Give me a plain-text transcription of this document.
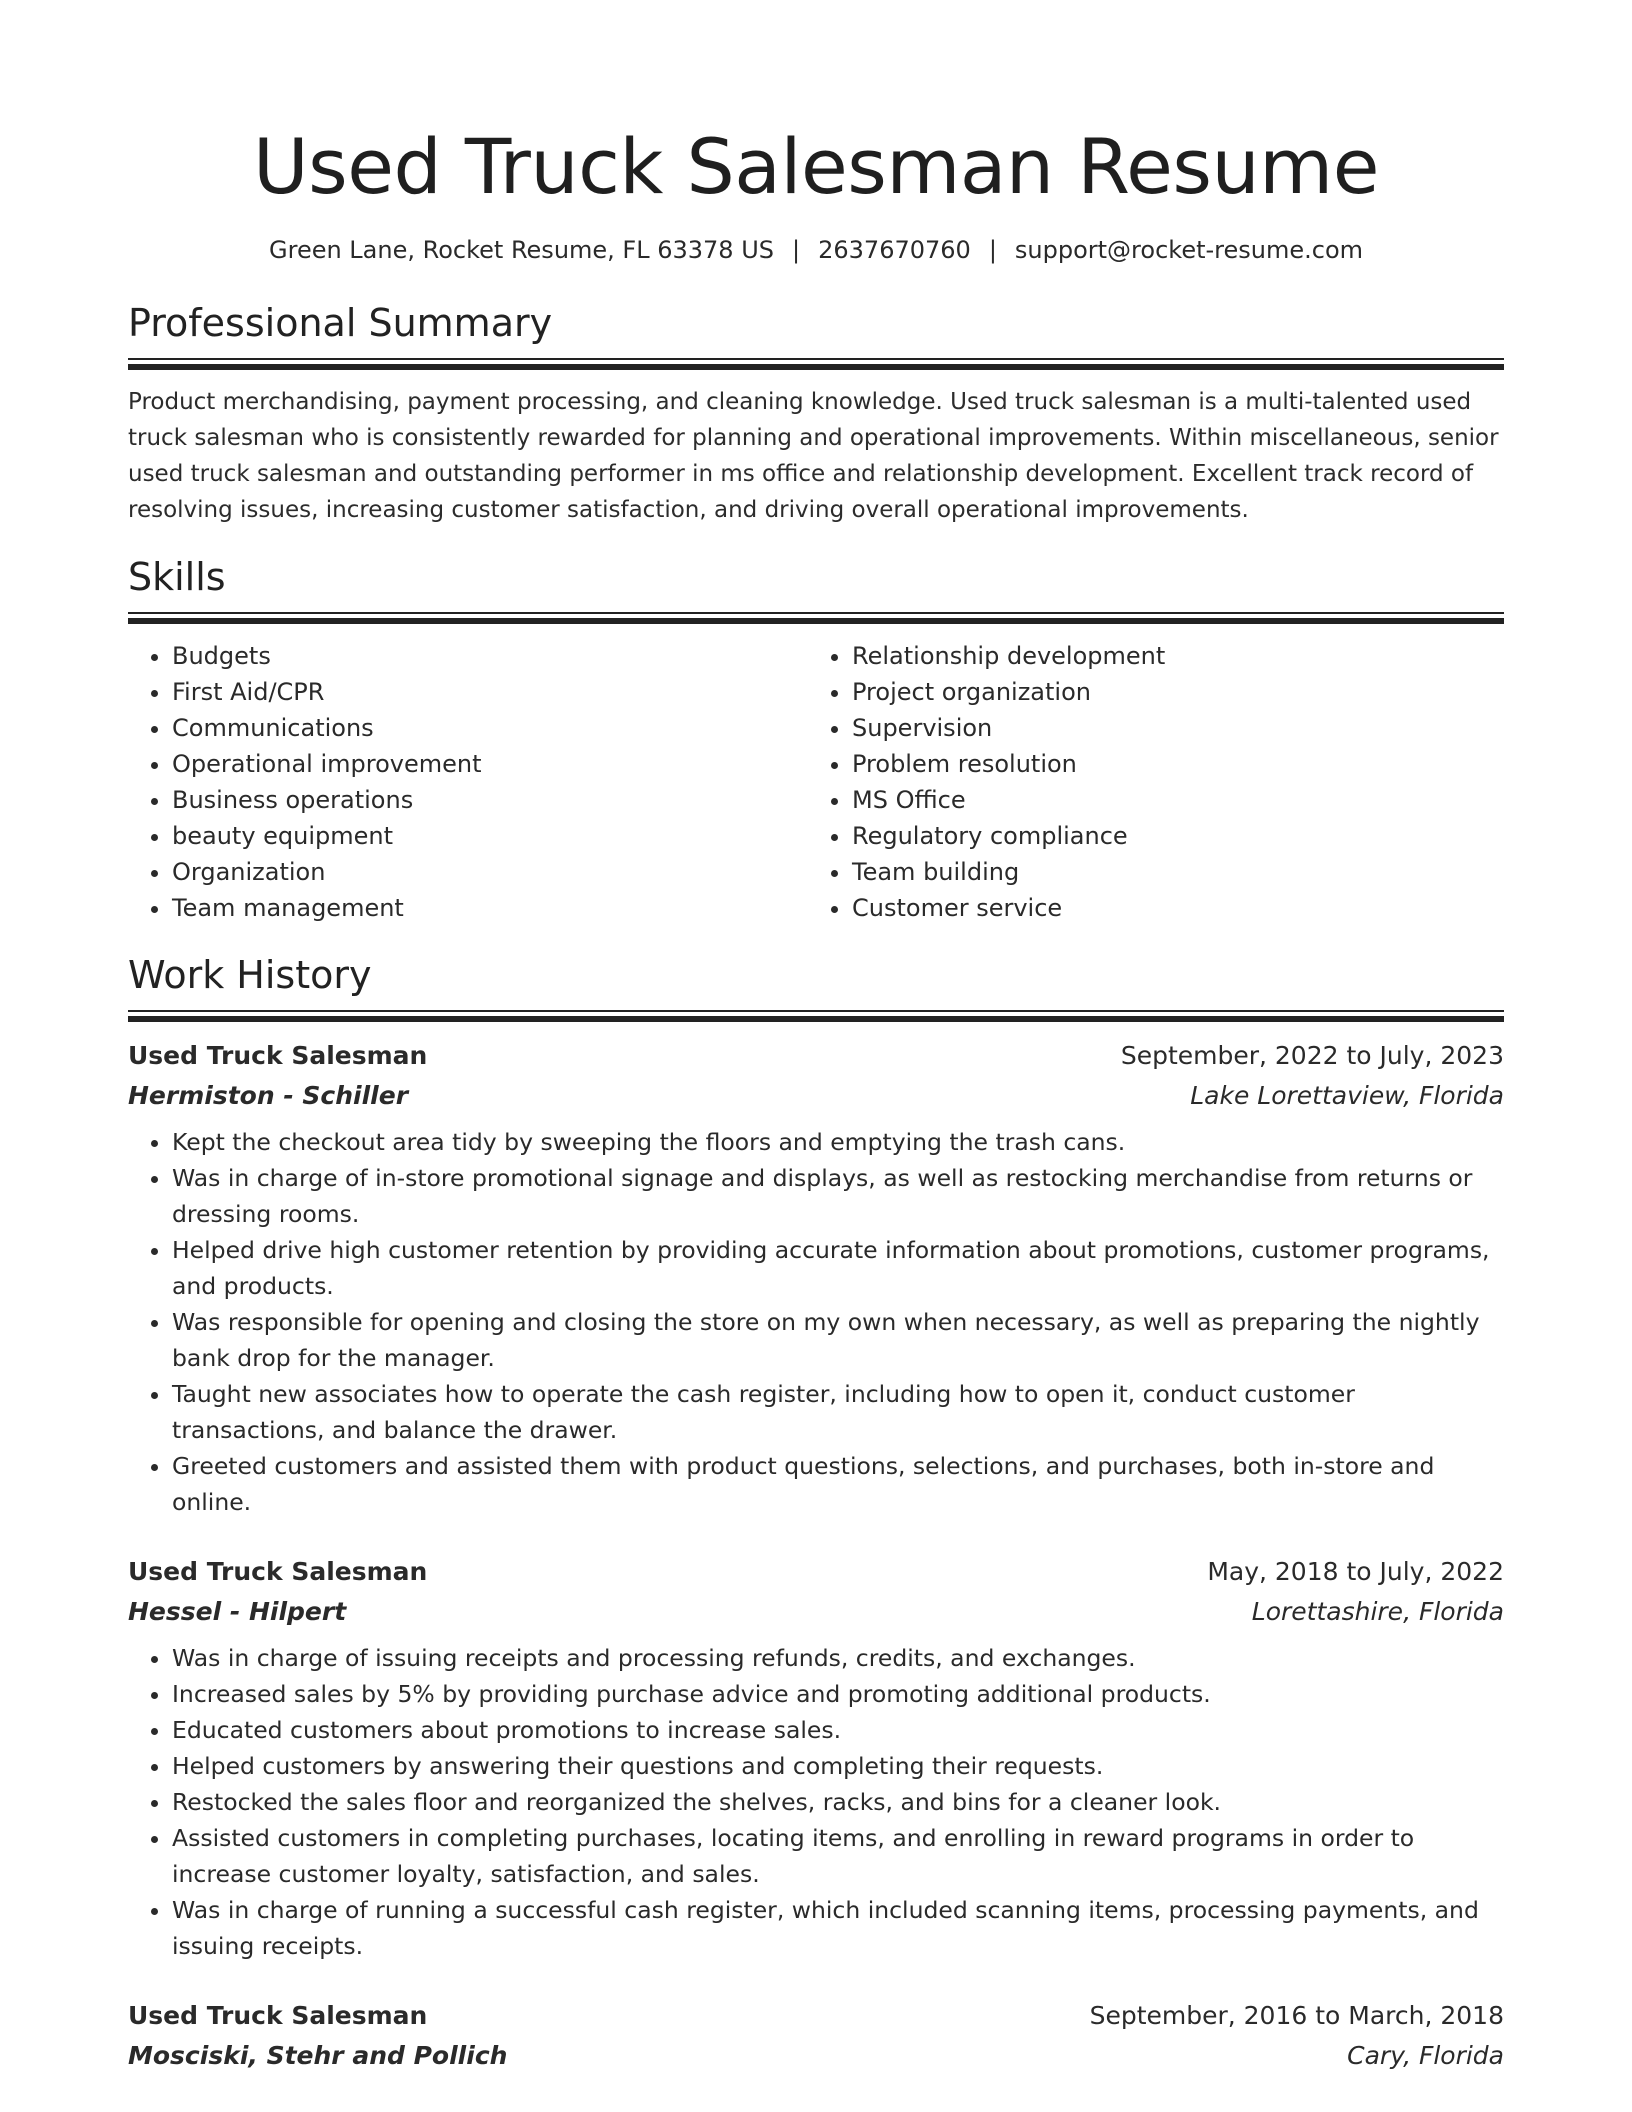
Used Truck Salesman Resume
Green Lane, Rocket Resume, FL 63378 US | 2637670760 | support@rocket-resume.com
Professional Summary

Product merchandising, payment processing, and cleaning knowledge. Used truck salesman is a multi-talented used truck salesman who is consistently rewarded for planning and operational improvements. Within miscellaneous, senior used truck salesman and outstanding performer in ms office and relationship development. Excellent track record of resolving issues, increasing customer satisfaction, and driving overall operational improvements.

Skills
• Budgets
• First Aid/CPR
• Communications
• Operational improvement
• Business operations
• beauty equipment
• Organization
• Team management
• Relationship development
• Project organization
• Supervision
• Problem resolution
• MS Office
• Regulatory compliance
• Team building
• Customer service
Work History
Used Truck Salesman	September, 2022 to July, 2023
Hermiston - Schiller	Lake Lorettaview, Florida
• Kept the checkout area tidy by sweeping the floors and emptying the trash cans.
• Was in charge of in-store promotional signage and displays, as well as restocking merchandise from returns or dressing rooms.
• Helped drive high customer retention by providing accurate information about promotions, customer programs, and products.
• Was responsible for opening and closing the store on my own when necessary, as well as preparing the nightly bank drop for the manager.
• Taught new associates how to operate the cash register, including how to open it, conduct customer transactions, and balance the drawer.
• Greeted customers and assisted them with product questions, selections, and purchases, both in-store and online.
Used Truck Salesman	May, 2018 to July, 2022
Hessel - Hilpert	Lorettashire, Florida
• Was in charge of issuing receipts and processing refunds, credits, and exchanges.
• Increased sales by 5% by providing purchase advice and promoting additional products.
• Educated customers about promotions to increase sales.
• Helped customers by answering their questions and completing their requests.
• Restocked the sales floor and reorganized the shelves, racks, and bins for a cleaner look.
• Assisted customers in completing purchases, locating items, and enrolling in reward programs in order to increase customer loyalty, satisfaction, and sales.
• Was in charge of running a successful cash register, which included scanning items, processing payments, and issuing receipts.
Used Truck Salesman	September, 2016 to March, 2018
Mosciski, Stehr and Pollich	Cary, Florida
